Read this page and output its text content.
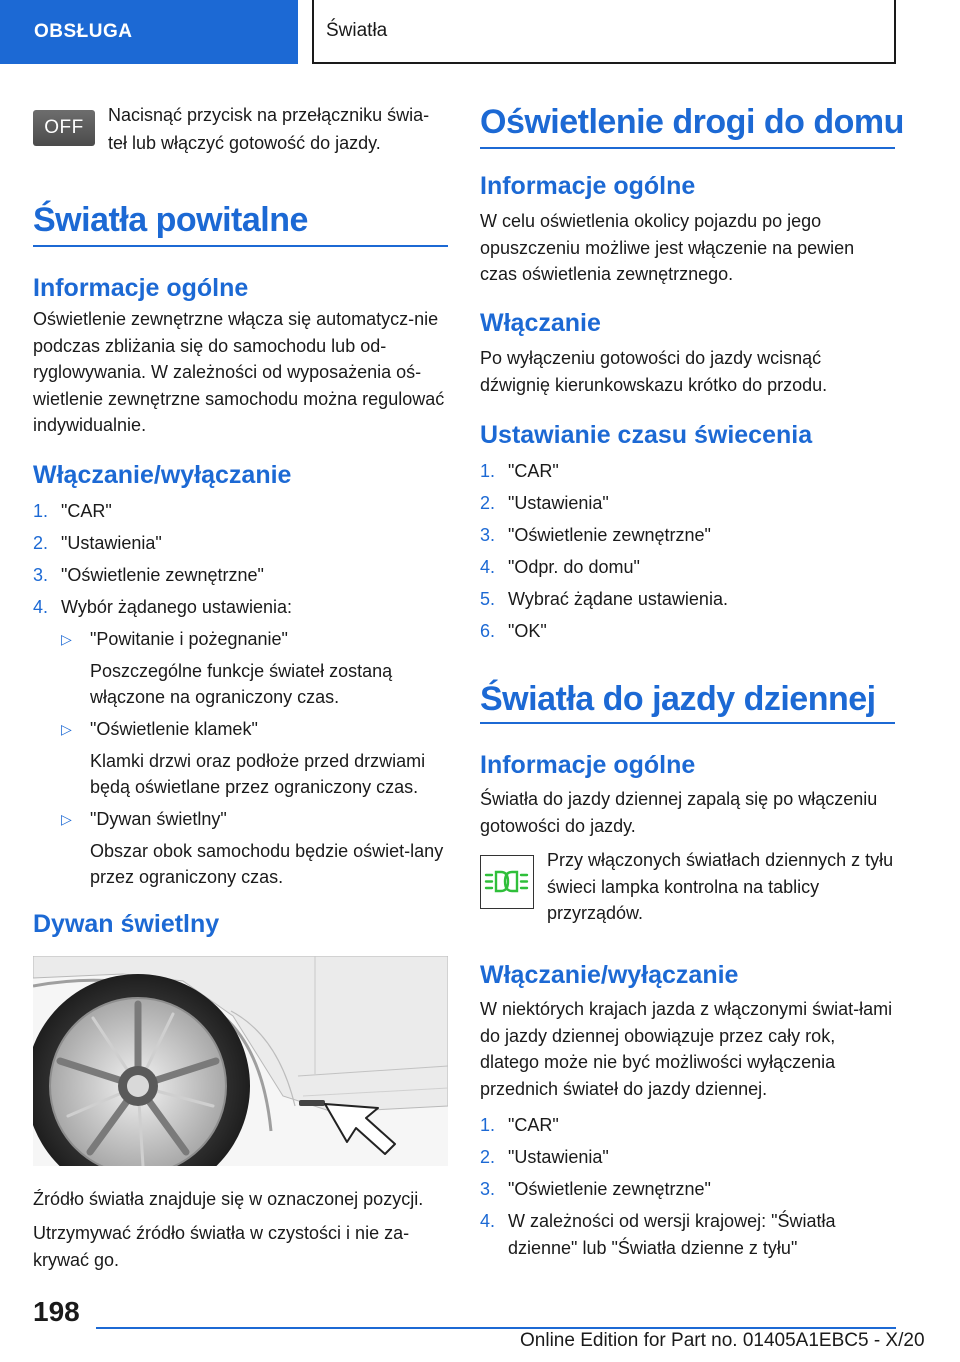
OBSŁUGA	Światła
OFF

Nacisnąć przycisk na przełączniku świa-teł lub włączyć gotowość do jazdy.

Światła powitalne
Informacje ogólne

Oświetlenie zewnętrzne włącza się automatycz-nie podczas zbliżania się do samochodu lub od-ryglowywania. W zależności od wyposażenia oś-wietlenie zewnętrzne samochodu można regulować indywidualnie.

Włączanie/wyłączanie
1. "CAR"
2. "Ustawienia"
3. "Oświetlenie zewnętrzne"
4. Wybór żądanego ustawienia:
▷ "Powitanie i pożegnanie"
Poszczególne funkcje świateł zostaną włączone na ograniczony czas.
▷ "Oświetlenie klamek"
Klamki drzwi oraz podłoże przed drzwiami będą oświetlane przez ograniczony czas.
▷ "Dywan świetlny"
Obszar obok samochodu będzie oświet-lany przez ograniczony czas.
Dywan świetlny

Źródło światła znajduje się w oznaczonej pozycji.

Utrzymywać źródło światła w czystości i nie za-krywać go.

Oświetlenie drogi do domu
Informacje ogólne

W celu oświetlenia okolicy pojazdu po jego opuszczeniu możliwe jest włączenie na pewien czas oświetlenia zewnętrznego.

Włączanie

Po wyłączeniu gotowości do jazdy wcisnąć dźwignię kierunkowskazu krótko do przodu.

Ustawianie czasu świecenia
1. "CAR"
2. "Ustawienia"
3. "Oświetlenie zewnętrzne"
4. "Odpr. do domu"
5. Wybrać żądane ustawienia.
6. "OK"
Światła do jazdy dziennej
Informacje ogólne

Światła do jazdy dziennej zapalą się po włączeniu gotowości do jazdy.

Przy włączonych światłach dziennych z tyłu świeci lampka kontrolna na tablicy przyrządów.

Włączanie/wyłączanie

W niektórych krajach jazda z włączonymi świat-łami do jazdy dziennej obowiązuje przez cały rok, dlatego może nie być możliwości wyłączenia przednich świateł do jazdy dziennej.

1. "CAR"
2. "Ustawienia"
3. "Oświetlenie zewnętrzne"
4. W zależności od wersji krajowej: "Światła dzienne" lub "Światła dzienne z tyłu"
198
Online Edition for Part no. 01405A1EBC5 - X/20
